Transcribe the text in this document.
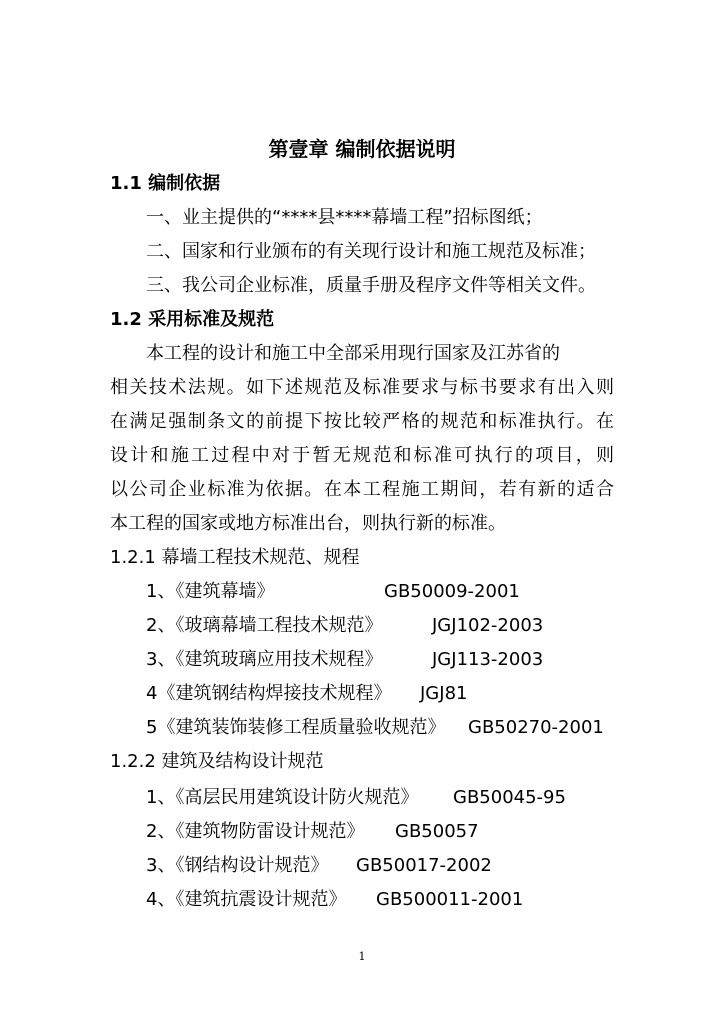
第壹章 编制依据说明
1.1 编制依据
一、业主提供的“****县****幕墙工程”招标图纸；
二、国家和行业颁布的有关现行设计和施工规范及标准；
三、我公司企业标准，质量手册及程序文件等相关文件。
1.2 采用标准及规范
本工程的设计和施工中全部采用现行国家及江苏省的
相关技术法规。如下述规范及标准要求与标书要求有出入则
在满足强制条文的前提下按比较严格的规范和标准执行。在
设计和施工过程中对于暂无规范和标准可执行的项目，则
以公司企业标准为依据。在本工程施工期间，若有新的适合
本工程的国家或地方标准出台，则执行新的标准。
1.2.1 幕墙工程技术规范、规程
1、《建筑幕墙》	GB50009-2001
2、《玻璃幕墙工程技术规范》	JGJ102-2003
3、《建筑玻璃应用技术规程》	JGJ113-2003
4《建筑钢结构焊接技术规程》 JGJ81
5《建筑装饰装修工程质量验收规范》 GB50270-2001
1.2.2 建筑及结构设计规范
1、《高层民用建筑设计防火规范》 GB50045-95
2、《建筑物防雷设计规范》 GB50057
3、《钢结构设计规范》 GB50017-2002
4、《建筑抗震设计规范》 GB500011-2001
1
